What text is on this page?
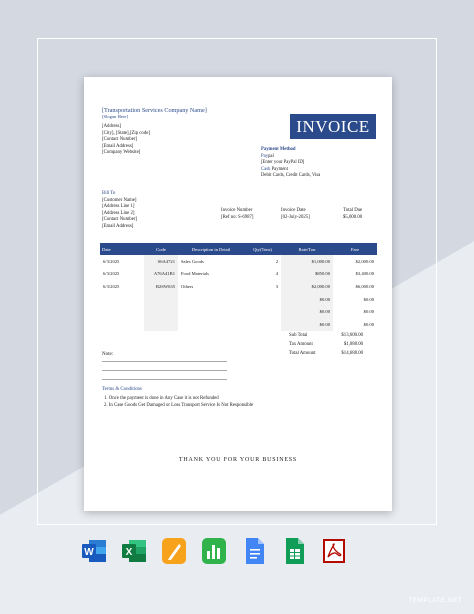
[Transportation Services Company Name]
[Slogan Here]
[Address]
[City], [State],[Zip code]
[Contact Number]
[Email Address]
[Company Website]
INVOICE
Payment Method
Paypal
[Enter your PayPal ID]
Cash Payment
Debit Cards, Credit Cards, Visa
Bill To
[Customer Name]
[Address Line 1]
[Address Line 2]
[Contact Number]
[Email Address]
Invoice Number
[Ref no: S-6987]
Invoice Date
[02-July-2025]
Total Due
$5,000.00
Date	Code	Description in Detail	Qty(Tons)	Rate/Ton	Fare
6/3/2025	S6A4721	Sales Goods	2	$1,000.00	$2,000.00
6/3/2025	A76A41B1	Food Materials	4	$850.00	$3,400.00
6/3/2025	B2SW635	Others	3	$2,000.00	$6,000.00
				$0.00	$0.00
				$0.00	$0.00
				$0.00	$0.00
Sub Total	$13,600.00
Tax Amount	$1,088.00
Total Amount	$14,688.00
Note:
Terms & Conditions
1. Once the payment is done in Any Case it is not Refunded
2. In Case Goods Get Damaged or Loss Transport Service Is Not Responsible
THANK YOU FOR YOUR BUSINESS
W	X
TEMPLATE.NET
